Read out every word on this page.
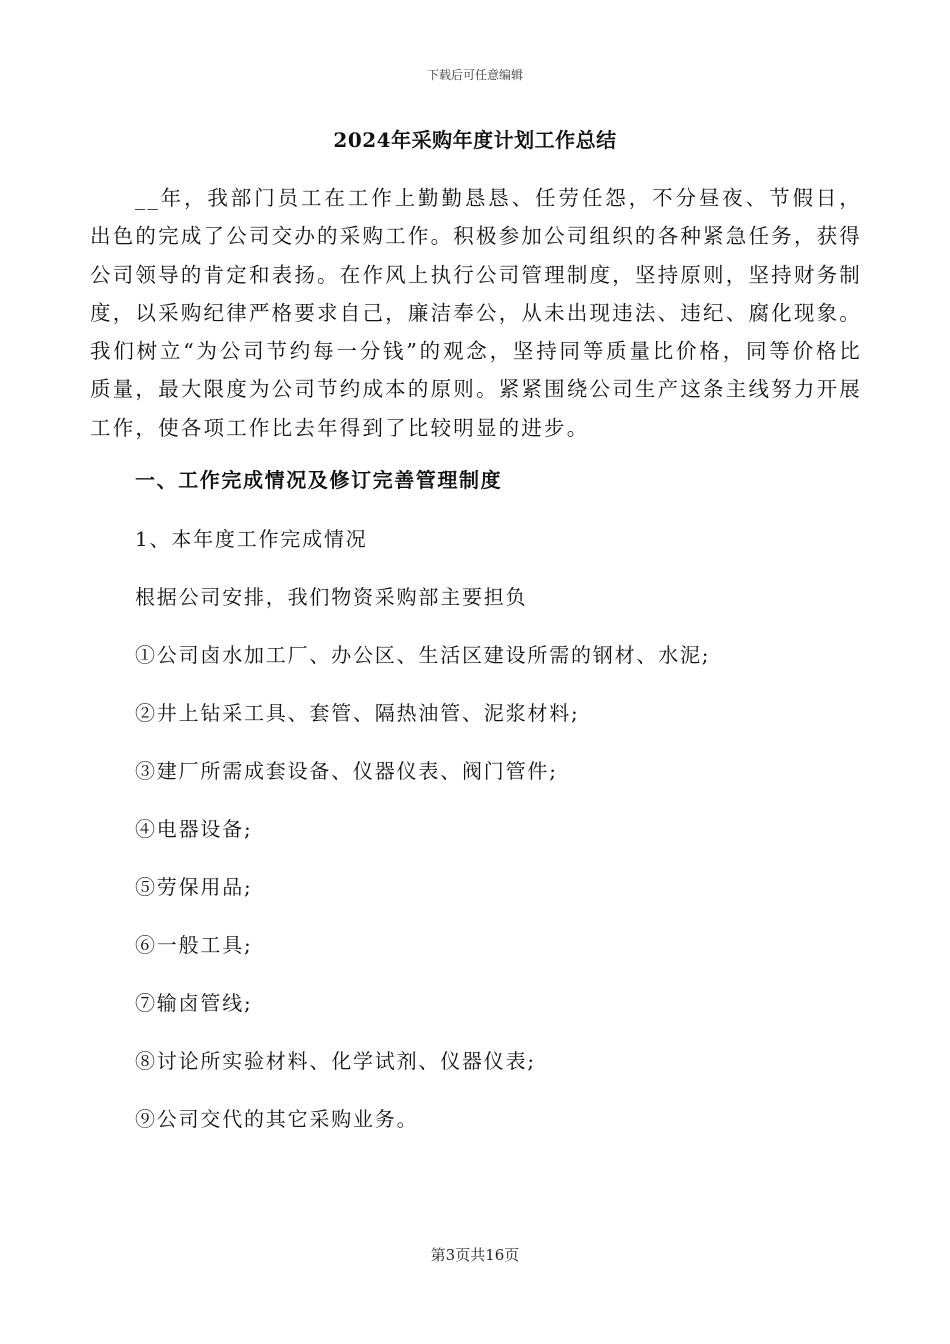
下载后可任意编辑
2024年采购年度计划工作总结

__年，我部门员工在工作上勤勤恳恳、任劳任怨，不分昼夜、节假日，出色的完成了公司交办的采购工作。积极参加公司组织的各种紧急任务，获得公司领导的肯定和表扬。在作风上执行公司管理制度，坚持原则，坚持财务制度，以采购纪律严格要求自己，廉洁奉公，从未出现违法、违纪、腐化现象。我们树立“为公司节约每一分钱”的观念，坚持同等质量比价格，同等价格比质量，最大限度为公司节约成本的原则。紧紧围绕公司生产这条主线努力开展工作，使各项工作比去年得到了比较明显的进步。

一、工作完成情况及修订完善管理制度
1、本年度工作完成情况
根据公司安排，我们物资采购部主要担负
①公司卤水加工厂、办公区、生活区建设所需的钢材、水泥;
②井上钻采工具、套管、隔热油管、泥浆材料;
③建厂所需成套设备、仪器仪表、阀门管件;
④电器设备;
⑤劳保用品;
⑥一般工具;
⑦输卤管线;
⑧讨论所实验材料、化学试剂、仪器仪表;
⑨公司交代的其它采购业务。
第3页共16页
